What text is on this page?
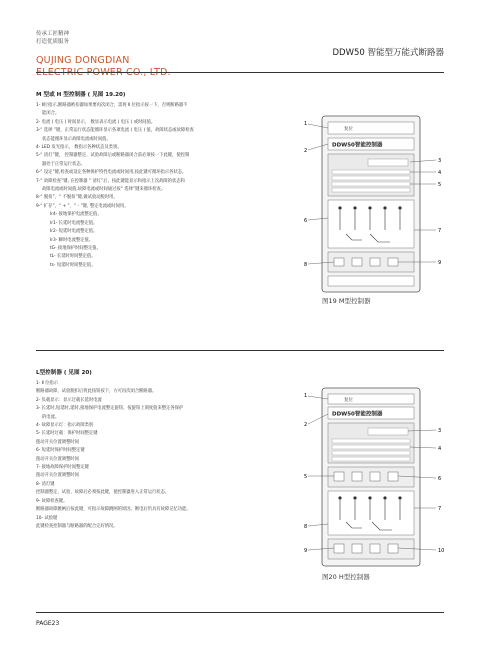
传承工匠精神
打造优质服务
QUJING DONGDIAN
DDW50 智能型万能式断路器
M 型或 H 型控制器 ( 见图 19.20)
1- Ⅱ位指示,断路器被扣器如果要再次闭合，需将 Ⅱ 位指示按一下，否则断路器不
能闭合。
2- 电流 ( 电压 ) 时间显示， 数显表示电流 ( 电压 ) 或时间值。
3-“ 选择 ”键，正常运行状态能循环显示各项电流 ( 电压 ) 值，故障状态或故障检查
状态能循环显示故障电流或时间值。
4- LED 发光指示， 数指示各种状态及类别。
5-“ 清灯”键， 控制器整定、试验故障后或断路器闭合前必须按一下此键，使控制
器处于正常运行状态。
6-“ 设定”键,检查或设定各种保护特性电流或时间用,按此键可循环指示各状态。
7-“ 故障检查”键, 在控制器 “ 清灯”后，按此键能显示和指示上次故障的状态和
故障电流或时间值,故障电流或时间通过按“ 选择”键来循环检查。
8-“ 脱扣”、“ 不脱扣”键,做试验动脱时用。
9-“ 扩存”，“ + ”、“ - ”键, 整定电流或时间用。
Ir4- 接地保护电流整定值。
Ir1- 长延时电流整定值。
Ir2- 短延时电流整定值。
Ir3- 瞬时电流整定值。
tG- 接地保护时间整定值。
tL- 长延时时间整定值。
ts- 短延时时间整定值。
复位
DDW50智能控制器
1
2
3
4
5
6
7
8	9
图19 M型控制器
L型控制器 ( 见图 20)
1- Ⅱ 位指示
断路器故障、试验脱扣后将此按钮按下，方可再次闭合断路器。
2- 负载显示：显示过载长延时电流
3- 长延时,短延时,延时,接地保护电流整定旋钮，按旋钮上刻度值来整定各保护
的电流。
4- 故障显示灯：指示故障类别
5- 长延时过载：保护时间整定键
拨动开关位置调整时间
6- 短延时保护时间整定键
拨动开关位置调整时间
7- 接地故障保护时间整定键
拨动开关位置调整时间
8- 清灯键
控制器整定、试验、故障后必须按此键，使控制器进入正常运行状态。
9- 故障检查键。
断路器故障跳闸后按此键，可指示故障跳闸的原因。断电后仍具有故障记忆功能。
10- 试验键
此键检查控制器与断路器的配合完好情况。
复位
DDW50智能控制器
1
2
3
4
5	6
7
8
9	10
图20 H型控制器
PAGE23
